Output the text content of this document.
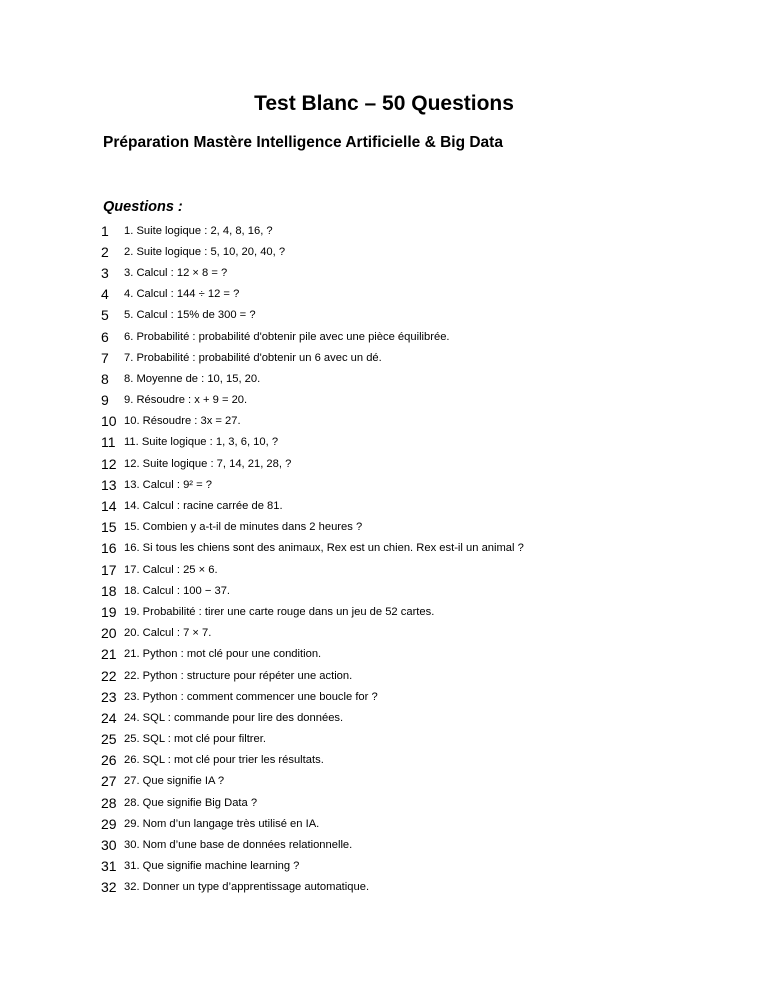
Test Blanc – 50 Questions
Préparation Mastère Intelligence Artificielle & Big Data
Questions :
1	1. Suite logique : 2, 4, 8, 16, ?
2	2. Suite logique : 5, 10, 20, 40, ?
3	3. Calcul : 12 × 8 = ?
4	4. Calcul : 144 ÷ 12 = ?
5	5. Calcul : 15% de 300 = ?
6	6. Probabilité : probabilité d'obtenir pile avec une pièce équilibrée.
7	7. Probabilité : probabilité d'obtenir un 6 avec un dé.
8	8. Moyenne de : 10, 15, 20.
9	9. Résoudre : x + 9 = 20.
10 10. Résoudre : 3x = 27.
11 11. Suite logique : 1, 3, 6, 10, ?
12 12. Suite logique : 7, 14, 21, 28, ?
13 13. Calcul : 9² = ?
14 14. Calcul : racine carrée de 81.
15 15. Combien y a-t-il de minutes dans 2 heures ?
16 16. Si tous les chiens sont des animaux, Rex est un chien. Rex est-il un animal ?
17 17. Calcul : 25 × 6.
18 18. Calcul : 100 − 37.
19 19. Probabilité : tirer une carte rouge dans un jeu de 52 cartes.
20 20. Calcul : 7 × 7.
21 21. Python : mot clé pour une condition.
22 22. Python : structure pour répéter une action.
23 23. Python : comment commencer une boucle for ?
24 24. SQL : commande pour lire des données.
25 25. SQL : mot clé pour filtrer.
26 26. SQL : mot clé pour trier les résultats.
27 27. Que signifie IA ?
28 28. Que signifie Big Data ?
29 29. Nom d’un langage très utilisé en IA.
30 30. Nom d’une base de données relationnelle.
31 31. Que signifie machine learning ?
32 32. Donner un type d’apprentissage automatique.
